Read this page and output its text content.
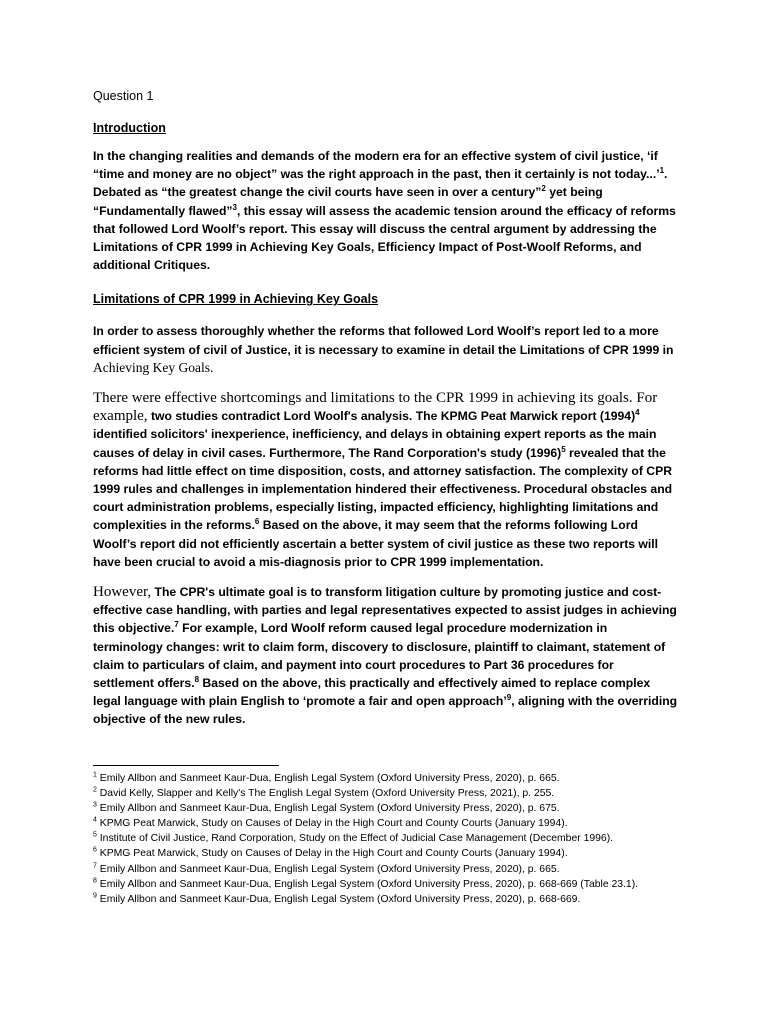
Question 1

Introduction

In the changing realities and demands of the modern era for an effective system of civil justice, ‘if “time and money are no object” was the right approach in the past, then it certainly is not today...’$^1$. Debated as “the greatest change the civil courts have seen in over a century”$^2$ yet being “Fundamentally flawed”$^3$, this essay will assess the academic tension around the efficacy of reforms that followed Lord Woolf’s report. This essay will discuss the central argument by addressing the Limitations of CPR 1999 in Achieving Key Goals, Efficiency Impact of Post-Woolf Reforms, and additional Critiques.

Limitations of CPR 1999 in Achieving Key Goals

In order to assess thoroughly whether the reforms that followed Lord Woolf’s report led to a more efficient system of civil of Justice, it is necessary to examine in detail the Limitations of CPR 1999 in Achieving Key Goals.

There were effective shortcomings and limitations to the CPR 1999 in achieving its goals. For example, two studies contradict Lord Woolf's analysis. The KPMG Peat Marwick report $(1994)^4$ identified solicitors' inexperience, inefficiency, and delays in obtaining expert reports as the main causes of delay in civil cases. Furthermore, The Rand Corporation's study $(1996)^5$ revealed that the reforms had little effect on time disposition, costs, and attorney satisfaction. The complexity of CPR 1999 rules and challenges in implementation hindered their effectiveness. Procedural obstacles and court administration problems, especially listing, impacted efficiency, highlighting limitations and complexities in the reforms.$^6$ Based on the above, it may seem that the reforms following Lord Woolf’s report did not efficiently ascertain a better system of civil justice as these two reports will have been crucial to avoid a mis-diagnosis prior to CPR 1999 implementation.

However, The CPR's ultimate goal is to transform litigation culture by promoting justice and cost-effective case handling, with parties and legal representatives expected to assist judges in achieving this objective.$^7$ For example, Lord Woolf reform caused legal procedure modernization in terminology changes: writ to claim form, discovery to disclosure, plaintiff to claimant, statement of claim to particulars of claim, and payment into court procedures to Part 36 procedures for settlement offers.$^8$ Based on the above, this practically and effectively aimed to replace complex legal language with plain English to ‘promote a fair and open approach’$^9$, aligning with the overriding objective of the new rules.

$^1$ Emily Allbon and Sanmeet Kaur-Dua, English Legal System (Oxford University Press, 2020), p. 665.

$^2$ David Kelly, Slapper and Kelly's The English Legal System (Oxford University Press, 2021), p. 255.

$^3$ Emily Allbon and Sanmeet Kaur-Dua, English Legal System (Oxford University Press, 2020), p. 675.

$^4$ KPMG Peat Marwick, Study on Causes of Delay in the High Court and County Courts (January 1994).

$^5$ Institute of Civil Justice, Rand Corporation, Study on the Effect of Judicial Case Management (December 1996).

$^6$ KPMG Peat Marwick, Study on Causes of Delay in the High Court and County Courts (January 1994).

$^7$ Emily Allbon and Sanmeet Kaur-Dua, English Legal System (Oxford University Press, 2020), p. 665.

$^8$ Emily Allbon and Sanmeet Kaur-Dua, English Legal System (Oxford University Press, 2020), p. 668-669 (Table 23.1).

$^9$ Emily Allbon and Sanmeet Kaur-Dua, English Legal System (Oxford University Press, 2020), p. 668-669.
